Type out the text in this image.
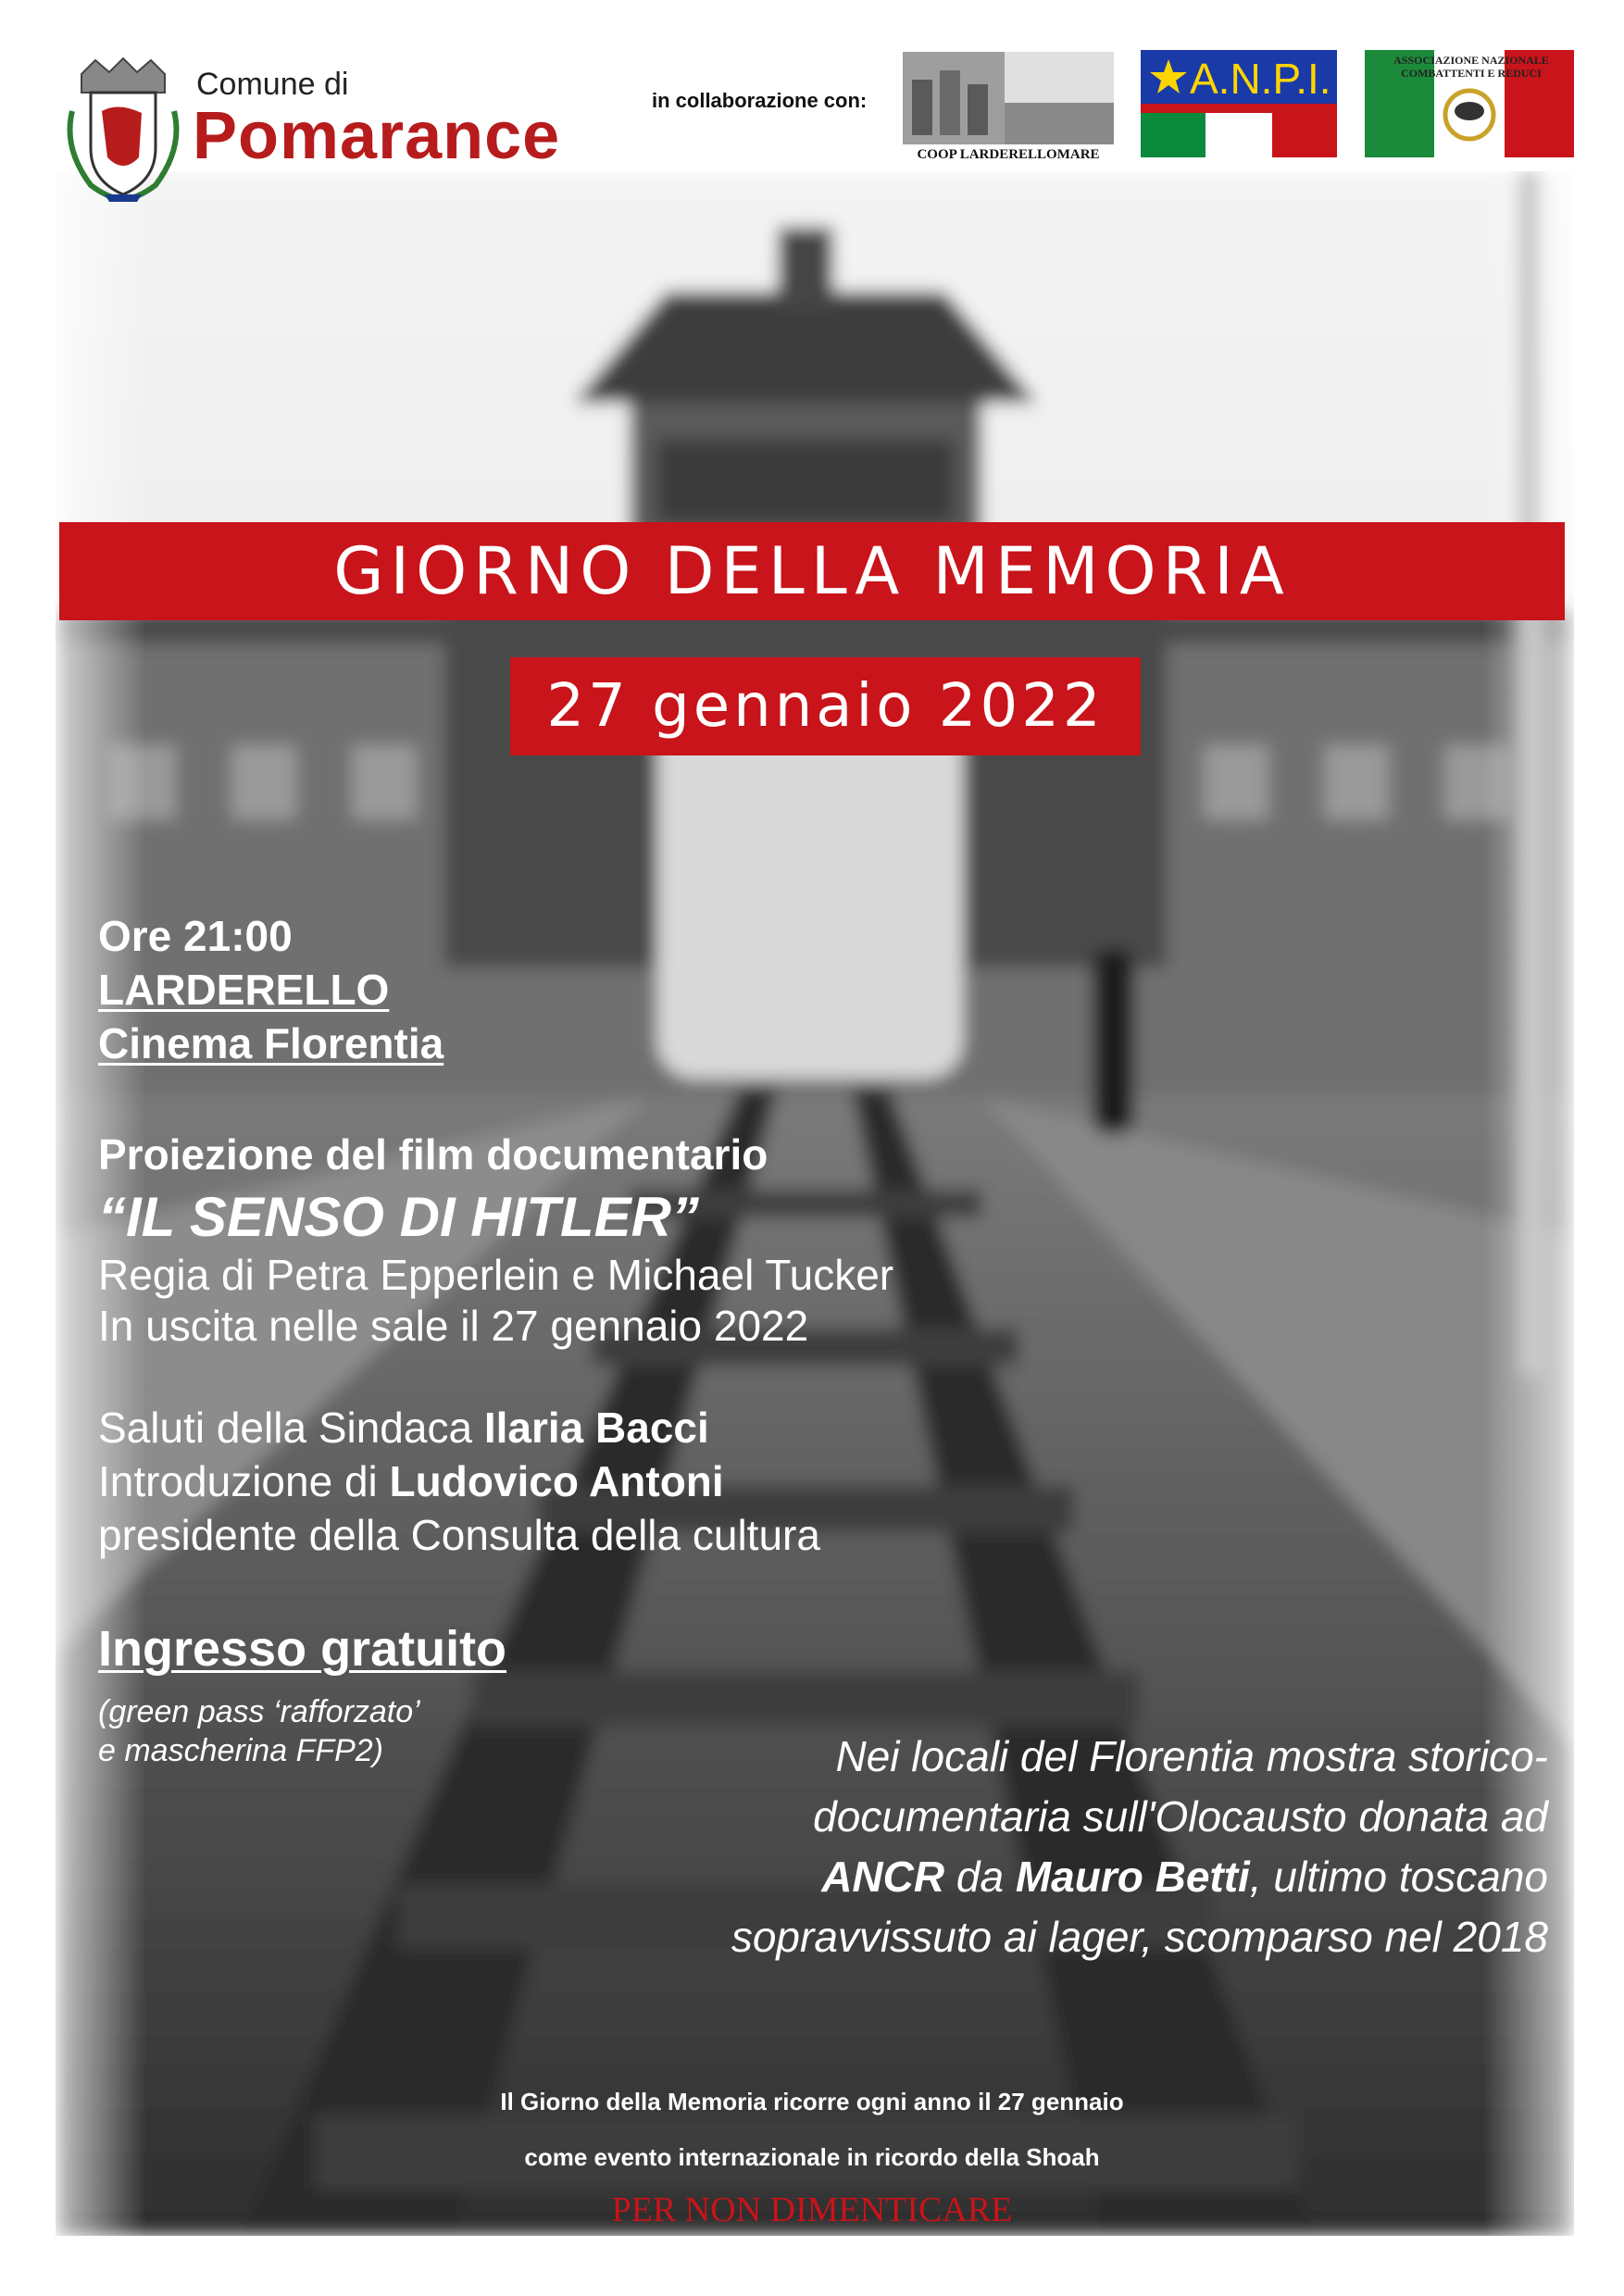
Comune di
Pomarance	in collaborazione con:
COOP LARDERELLOMARE
A.N.P.I.	ASSOCIAZIONE NAZIONALE COMBATTENTI E REDUCI
GIORNO DELLA MEMORIA
27 gennaio 2022
Ore 21:00
LARDERELLO
Cinema Florentia
Proiezione del film documentario
“IL SENSO DI HITLER”
Regia di Petra Epperlein e Michael Tucker
In uscita nelle sale il 27 gennaio 2022
Saluti della Sindaca Ilaria Bacci
Introduzione di Ludovico Antoni
presidente della Consulta della cultura
Ingresso gratuito
(green pass ‘rafforzato’
e mascherina FFP2)	Nei locali del Florentia mostra storico-
documentaria sull'Olocausto donata ad
ANCR da Mauro Betti, ultimo toscano
sopravvissuto ai lager, scomparso nel 2018
Il Giorno della Memoria ricorre ogni anno il 27 gennaio
come evento internazionale in ricordo della Shoah
PER NON DIMENTICARE
